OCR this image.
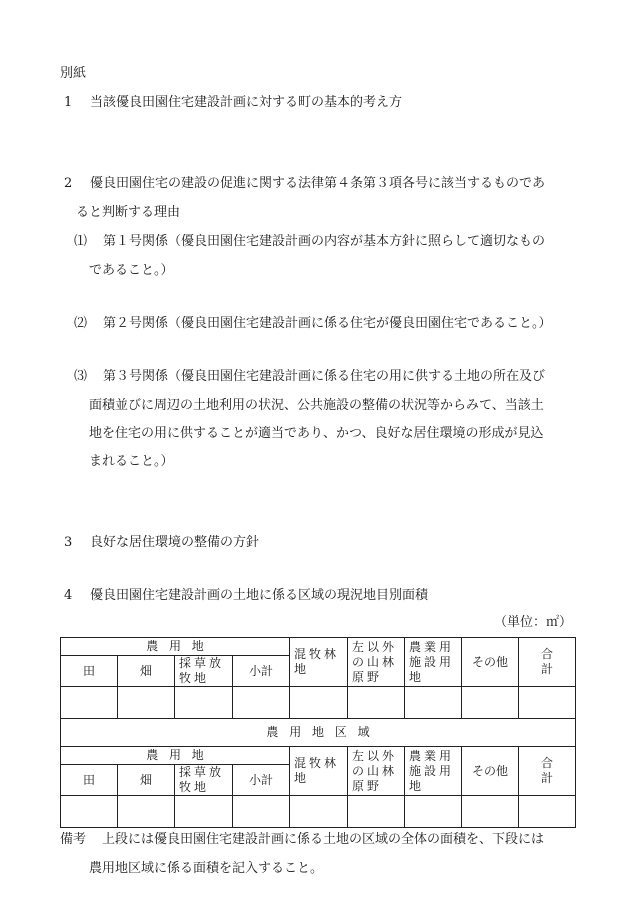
別紙
1 当該優良田園住宅建設計画に対する町の基本的考え方
2 優良田園住宅の建設の促進に関する法律第４条第３項各号に該当するものであ
ると判断する理由
⑴ 第１号関係（優良田園住宅建設計画の内容が基本方針に照らして適切なもの
であること。）
⑵ 第２号関係（優良田園住宅建設計画に係る住宅が優良田園住宅であること。）
⑶ 第３号関係（優良田園住宅建設計画に係る住宅の用に供する土地の所在及び
面積並びに周辺の土地利用の状況、公共施設の整備の状況等からみて、当該土
地を住宅の用に供することが適当であり、かつ、良好な居住環境の形成が見込
まれること。）
3 良好な居住環境の整備の方針
4 優良田園住宅建設計画の土地に係る区域の現況地目別面積
（単位：㎡）
農用地				混牧林地	左以外の山林原野	農業用施設用地	その他	合計
田	畑	採草放牧地	小計					

農用地区域								
農用地				混牧林地	左以外の山林原野	農業用施設用地	その他	合計
田	畑	採草放牧地	小計					

備考 上段には優良田園住宅建設計画に係る土地の区域の全体の面積を、下段には
農用地区域に係る面積を記入すること。
